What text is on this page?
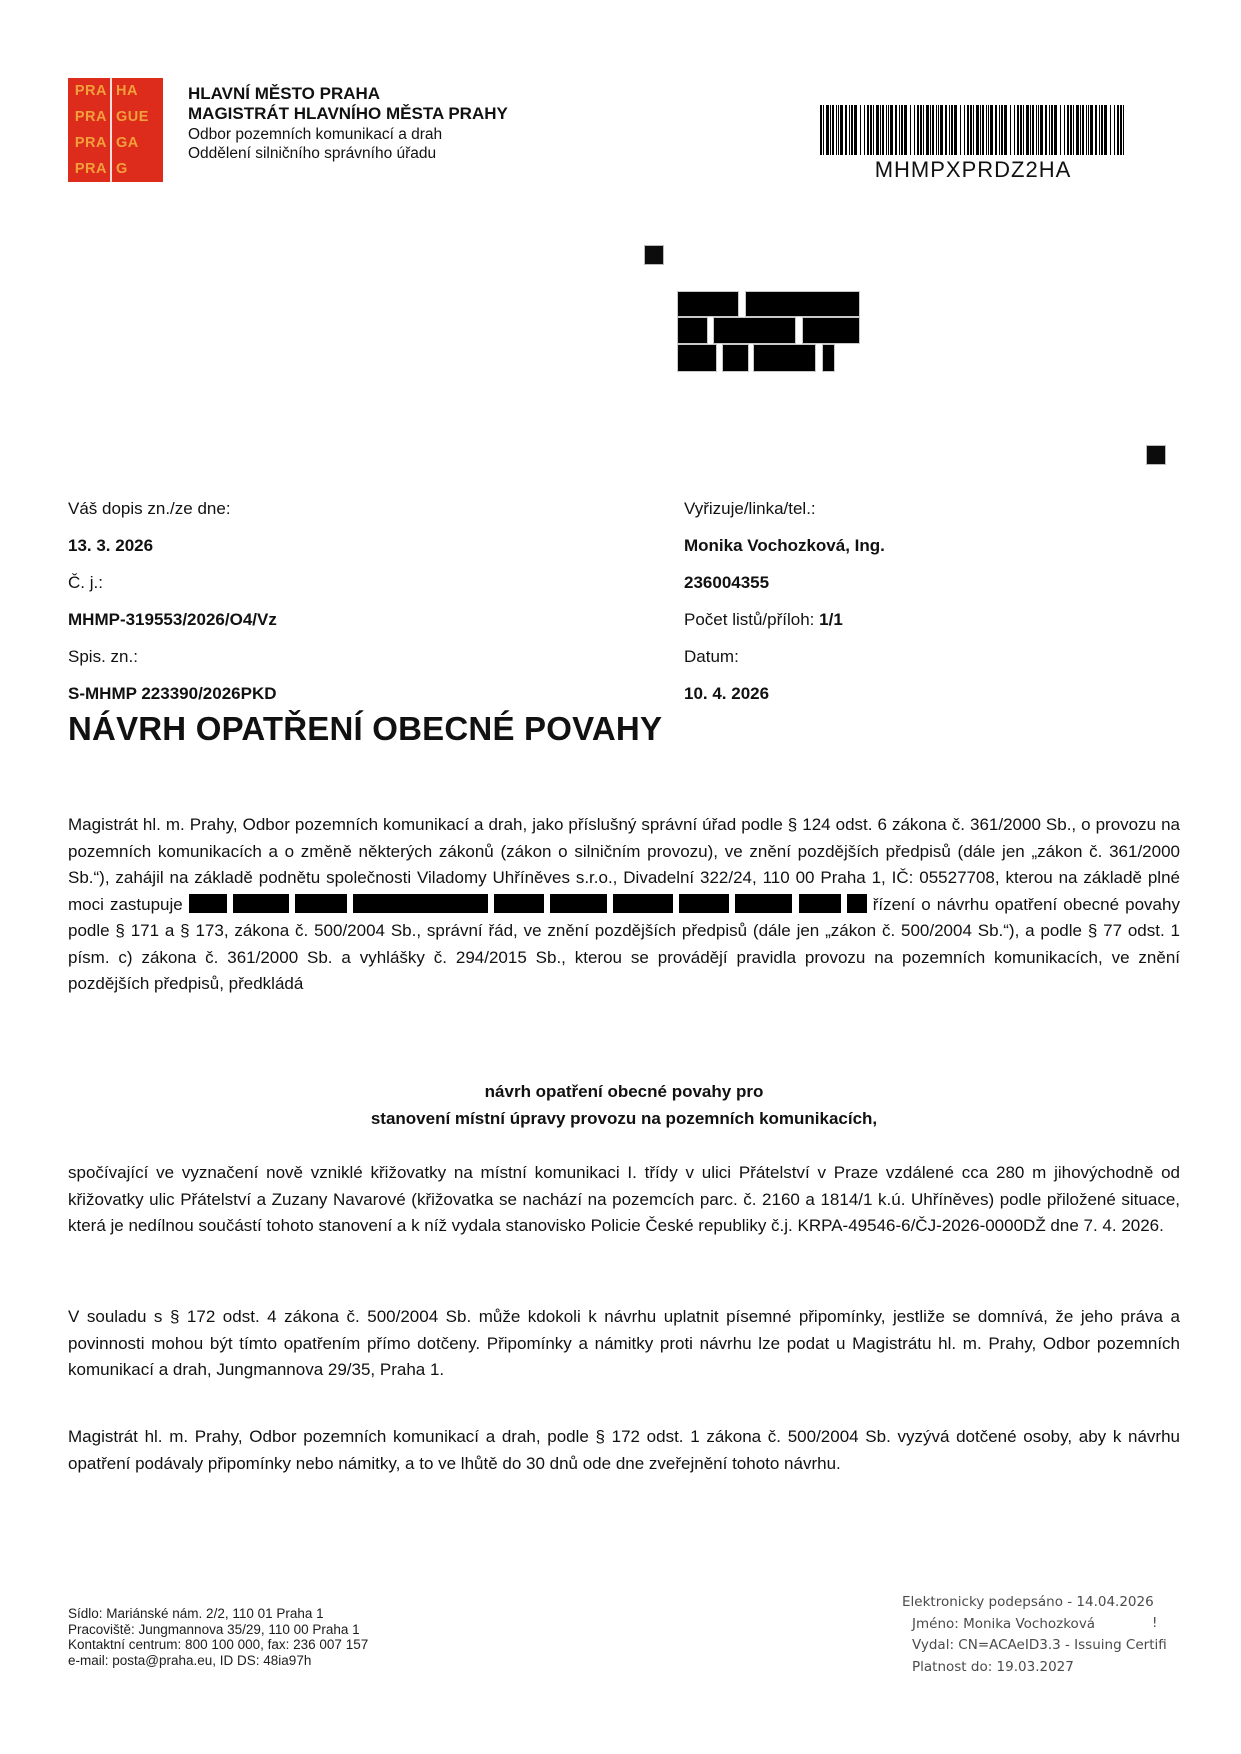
PRA HA
PRA GUE
PRA GA
PRA G
HLAVNÍ MĚSTO PRAHA
MAGISTRÁT HLAVNÍHO MĚSTA PRAHY
Odbor pozemních komunikací a drah
Oddělení silničního správního úřadu
MHMPXPRDZ2HA
Váš dopis zn./ze dne:	Vyřizuje/linka/tel.:
13. 3. 2026	Monika Vochozková, Ing.
Č. j.:	236004355
MHMP-319553/2026/O4/Vz	Počet listů/příloh: 1/1
Spis. zn.:	Datum:
S-MHMP 223390/2026PKD	10. 4. 2026
NÁVRH OPATŘENÍ OBECNÉ POVAHY

Magistrát hl. m. Prahy, Odbor pozemních komunikací a drah, jako příslušný správní úřad podle § 124 odst. 6 zákona č. 361/2000 Sb., o provozu na pozemních komunikacích a o změně některých zákonů (zákon o silničním provozu), ve znění pozdějších předpisů (dále jen „zákon č. 361/2000 Sb.“), zahájil na základě podnětu společnosti Viladomy Uhříněves s.r.o., Divadelní 322/24, 110 00 Praha 1, IČ: 05527708, kterou na základě plné moci zastupuje	řízení o návrhu opatření obecné povahy podle § 171 a § 173, zákona č. 500/2004 Sb., správní řád, ve znění pozdějších předpisů (dále jen „zákon č. 500/2004 Sb.“), a podle § 77 odst. 1 písm. c) zákona č. 361/2000 Sb. a vyhlášky č. 294/2015 Sb., kterou se provádějí pravidla provozu na pozemních komunikacích, ve znění pozdějších předpisů, předkládá

návrh opatření obecné povahy pro
stanovení místní úpravy provozu na pozemních komunikacích,

spočívající ve vyznačení nově vzniklé křižovatky na místní komunikaci I. třídy v ulici Přátelství v Praze vzdálené cca 280 m jihovýchodně od křižovatky ulic Přátelství a Zuzany Navarové (křižovatka se nachází na pozemcích parc. č. 2160 a 1814/1 k.ú. Uhříněves) podle přiložené situace, která je nedílnou součástí tohoto stanovení a k níž vydala stanovisko Policie České republiky č.j. KRPA-49546-6/ČJ-2026-0000DŽ dne 7. 4. 2026.

V souladu s § 172 odst. 4 zákona č. 500/2004 Sb. může kdokoli k návrhu uplatnit písemné připomínky, jestliže se domnívá, že jeho práva a povinnosti mohou být tímto opatřením přímo dotčeny. Připomínky a námitky proti návrhu lze podat u Magistrátu hl. m. Prahy, Odbor pozemních komunikací a drah, Jungmannova 29/35, Praha 1.

Magistrát hl. m. Prahy, Odbor pozemních komunikací a drah, podle § 172 odst. 1 zákona č. 500/2004 Sb. vyzývá dotčené osoby, aby k návrhu opatření podávaly připomínky nebo námitky, a to ve lhůtě do 30 dnů ode dne zveřejnění tohoto návrhu.

Sídlo: Mariánské nám. 2/2, 110 01 Praha 1
Pracoviště: Jungmannova 35/29, 110 00 Praha 1
Kontaktní centrum: 800 100 000, fax: 236 007 157
e-mail: posta@praha.eu, ID DS: 48ia97h
Elektronicky podepsáno - 14.04.2026
Jméno: Monika Vochozková	!
Vydal: CN=ACAeID3.3 - Issuing Certifi
Platnost do: 19.03.2027
